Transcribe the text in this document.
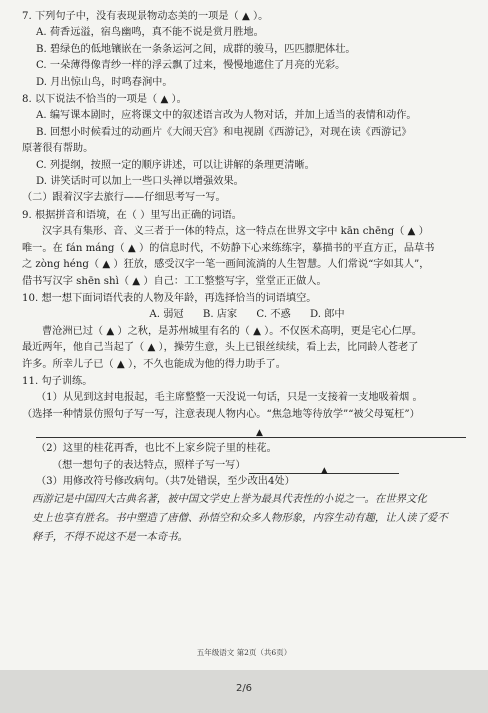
7. 下列句子中，没有表现景物动态美的一项是（ ▲ ）。
A. 荷香远溢，宿鸟幽鸣，真不能不说是赏月胜地。
B. 碧绿色的低地镶嵌在一条条运河之间，成群的骏马，匹匹膘肥体壮。
C. 一朵薄得像青纱一样的浮云飘了过来，慢慢地遮住了月亮的光彩。
D. 月出惊山鸟，时鸣春涧中。
8. 以下说法不恰当的一项是（ ▲ ）。
A. 编写课本剧时，应将课文中的叙述语言改为人物对话，并加上适当的表情和动作。
B. 回想小时候看过的动画片《大闹天宫》和电视剧《西游记》，对现在读《西游记》
原著很有帮助。
C. 列提纲，按照一定的顺序讲述，可以让讲解的条理更清晰。
D. 讲笑话时可以加上一些口头禅以增强效果。
（二）跟着汉字去旅行——仔细思考写一写。
9. 根据拼音和语境，在（ ）里写出正确的词语。
汉字具有集形、音、义三者于一体的特点，这一特点在世界文字中 kān chēng（ ▲ ）
唯一。在 fán máng（ ▲ ）的信息时代，不妨静下心来练练字，摹描书的平直方正，品草书
之 zòng héng（ ▲ ）狂放，感受汉字一笔一画间流淌的人生智慧。人们常说“字如其人”，
借书写汉字 shēn shì（ ▲ ）自己：工工整整写字，堂堂正正做人。
10. 想一想下面词语代表的人物及年龄，再选择恰当的词语填空。
A. 弱冠 B. 店家 C. 不惑 D. 郎中
曹沧洲已过（ ▲ ）之秋，是苏州城里有名的（ ▲ ）。不仅医术高明，更是宅心仁厚。
最近两年，他自己当起了（ ▲ ），操劳生意，头上已银丝续续，看上去，比同龄人苍老了
许多。所幸儿子已（ ▲ ），不久也能成为他的得力助手了。
11. 句子训练。
（1）从见到这封电报起，毛主席整整一天没说一句话，只是一支接着一支地吸着烟 。
（选择一种情景仿照句子写一写，注意表现人物内心。“焦急地等待放学”“被父母冤枉”）
▲
（2）这里的桂花再香，也比不上家乡院子里的桂花。
（想一想句子的表达特点，照样子写一写）	▲
（3）用修改符号修改病句。（共7处错误，至少改出4处）
西游记是中国四大古典名著，被中国文学史上誉为最具代表性的小说之一。在世界文化
史上也享有胜名。书中塑造了唐僧、孙悟空和众多人物形象，内容生动有趣，让人读了爱不
释手，不得不说这不是一本奇书。
五年级语文 第2页（共6页）
2/6
